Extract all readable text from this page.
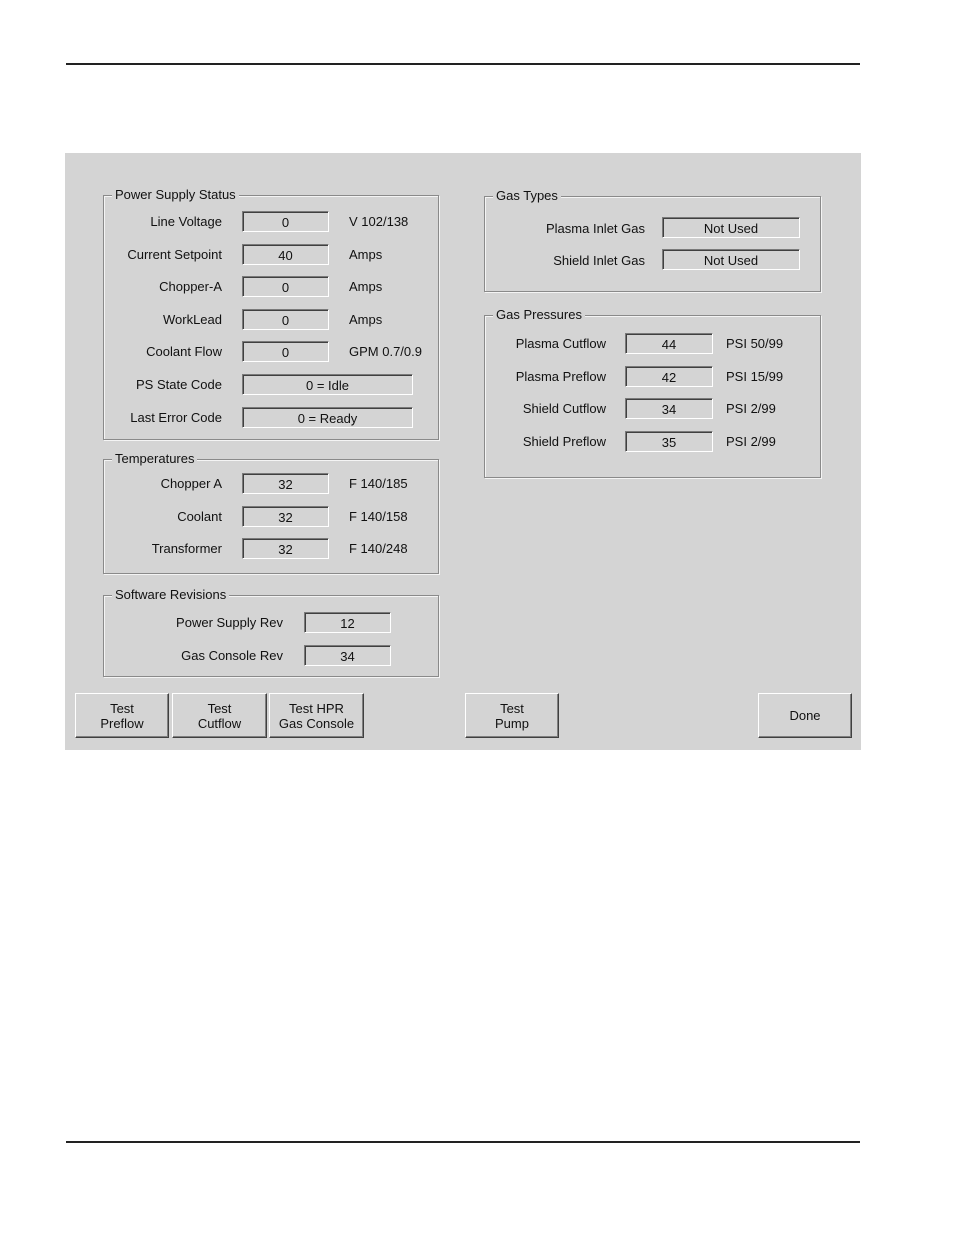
Power Supply Status
Line Voltage	0	V 102/138
Current Setpoint	40	Amps
Chopper-A	0	Amps
WorkLead	0	Amps
Coolant Flow	0	GPM 0.7/0.9
PS State Code	0 = Idle
Last Error Code	0 = Ready
Temperatures
Chopper A	32	F 140/185
Coolant	32	F 140/158
Transformer	32	F 140/248
Software Revisions
Power Supply Rev	12
Gas Console Rev	34
Gas Types
Plasma Inlet Gas	Not Used
Shield Inlet Gas	Not Used
Gas Pressures
Plasma Cutflow	44	PSI 50/99
Plasma Preflow	42	PSI 15/99
Shield Cutflow	34	PSI 2/99
Shield Preflow	35	PSI 2/99
Test
Preflow
Test
Cutflow
Test HPR
Gas Console
Test
Pump	Done
